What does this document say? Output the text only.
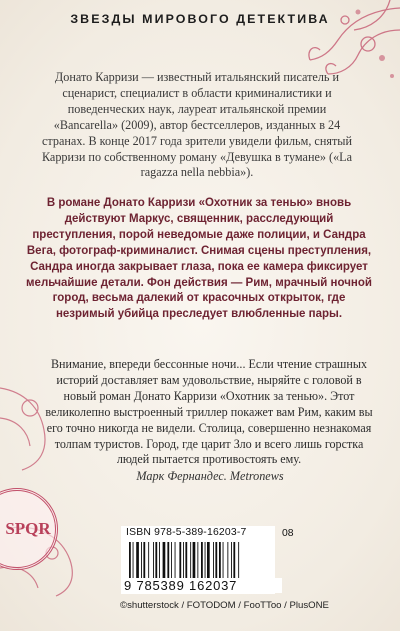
SPQR
ЗВЕЗДЫ МИРОВОГО ДЕТЕКТИВА

Донато Карризи — известный итальянский писатель и сценарист, специалист в области криминалистики и поведенческих наук, лауреат итальянской премии «Bancarella» (2009), автор бестселлеров, изданных в 24 странах. В конце 2017 года зрители увидели фильм, снятый Карризи по собственному роману «Девушка в тумане» («La ragazza nella nebbia»).

В романе Донато Карризи «Охотник за тенью» вновь действуют Маркус, священник, расследующий преступления, порой неведомые даже полиции, и Сандра Вега, фотограф-криминалист. Снимая сцены преступления, Сандра иногда закрывает глаза, пока ее камера фиксирует мельчайшие детали. Фон действия — Рим, мрачный ночной город, весьма далекий от красочных открыток, где незримый убийца преследует влюбленные пары.

Внимание, впереди бессонные ночи... Если чтение страшных историй доставляет вам удовольствие, ныряйте с головой в новый роман Донато Карризи «Охотник за тенью». Этот великолепно выстроенный триллер покажет вам Рим, каким вы его точно никогда не видели. Столица, совершенно незнакомая толпам туристов. Город, где царит Зло и всего лишь горстка людей пытается противостоять ему.

Марк Фернандес. Metronews
ISBN 978-5-389-16203-7	08
9 785389 162037
©shutterstock / FOTODOM / FooTToo / PlusONE
